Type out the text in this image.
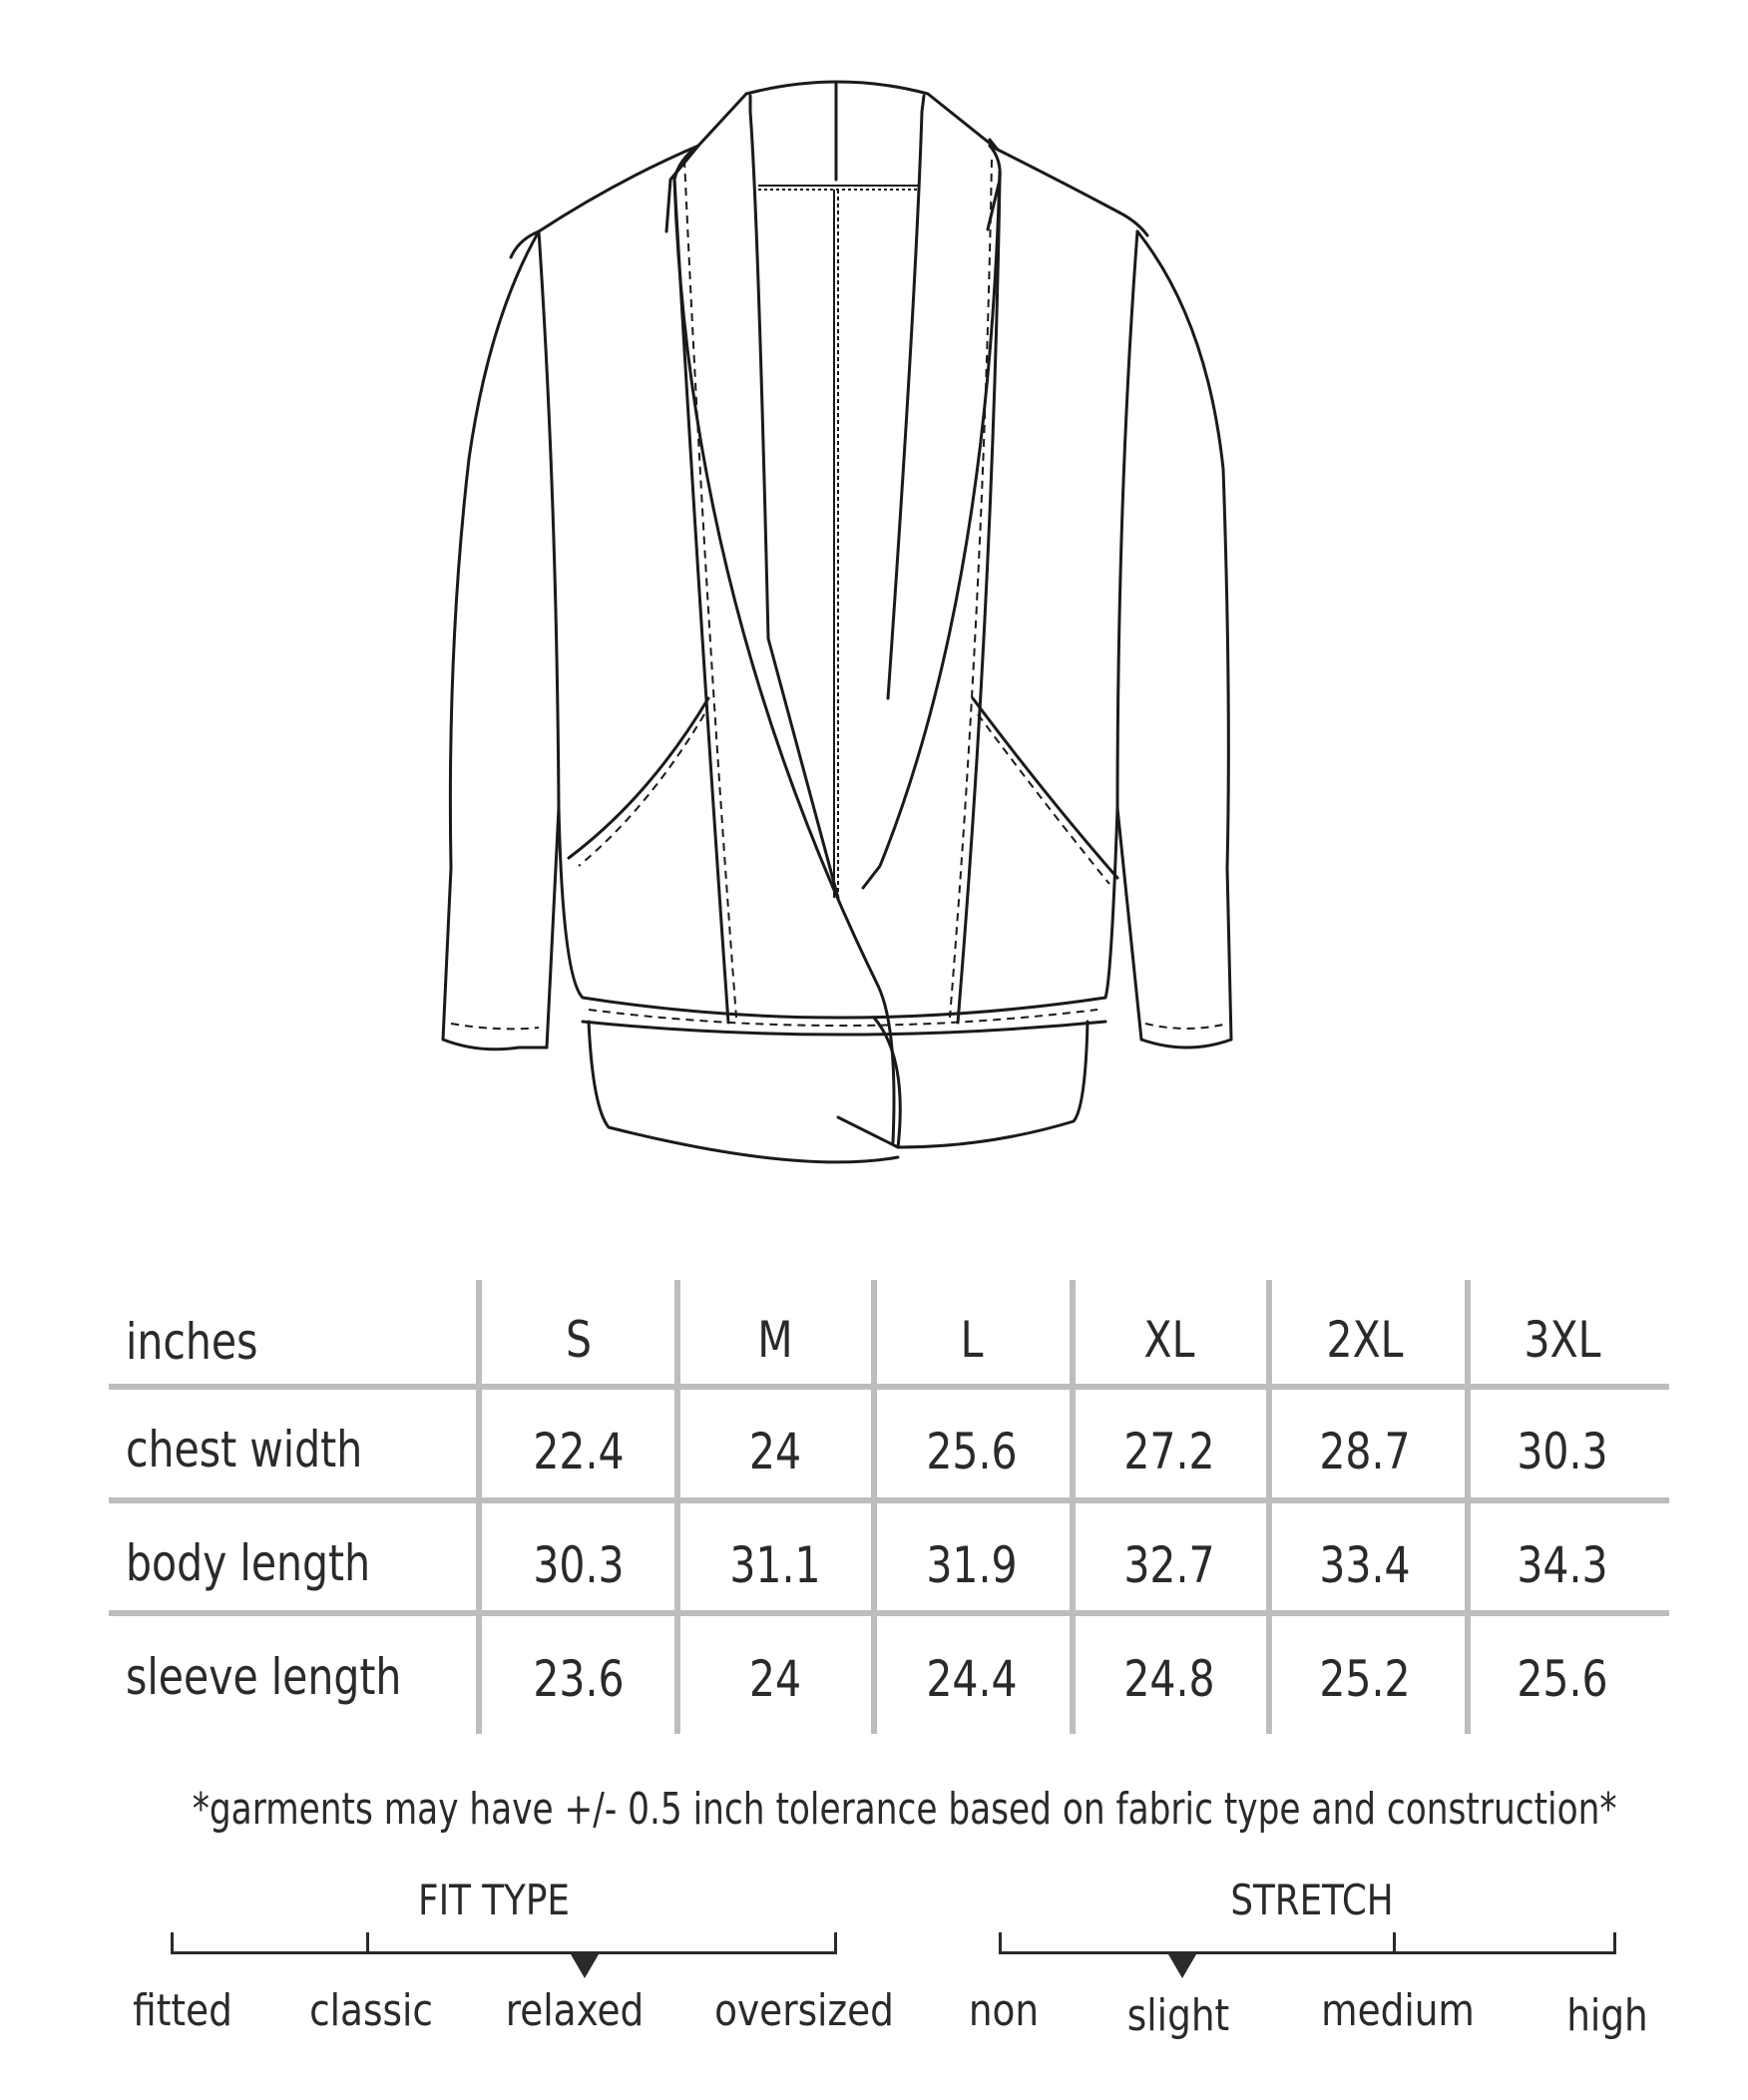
inches	S	M	L	XL	2XL 3XL
chest width	22.4	24	25.6 27.2 28.7 30.3
body length	30.3 31.1 31.9 32.7 33.4 34.3
sleeve length	23.6	24	24.4 24.8 25.2 25.6
*garments may have +/- 0.5 inch tolerance based on fabric type and construction*
FIT TYPE
fitted classic relaxed oversized
STRETCH
non slight medium high
